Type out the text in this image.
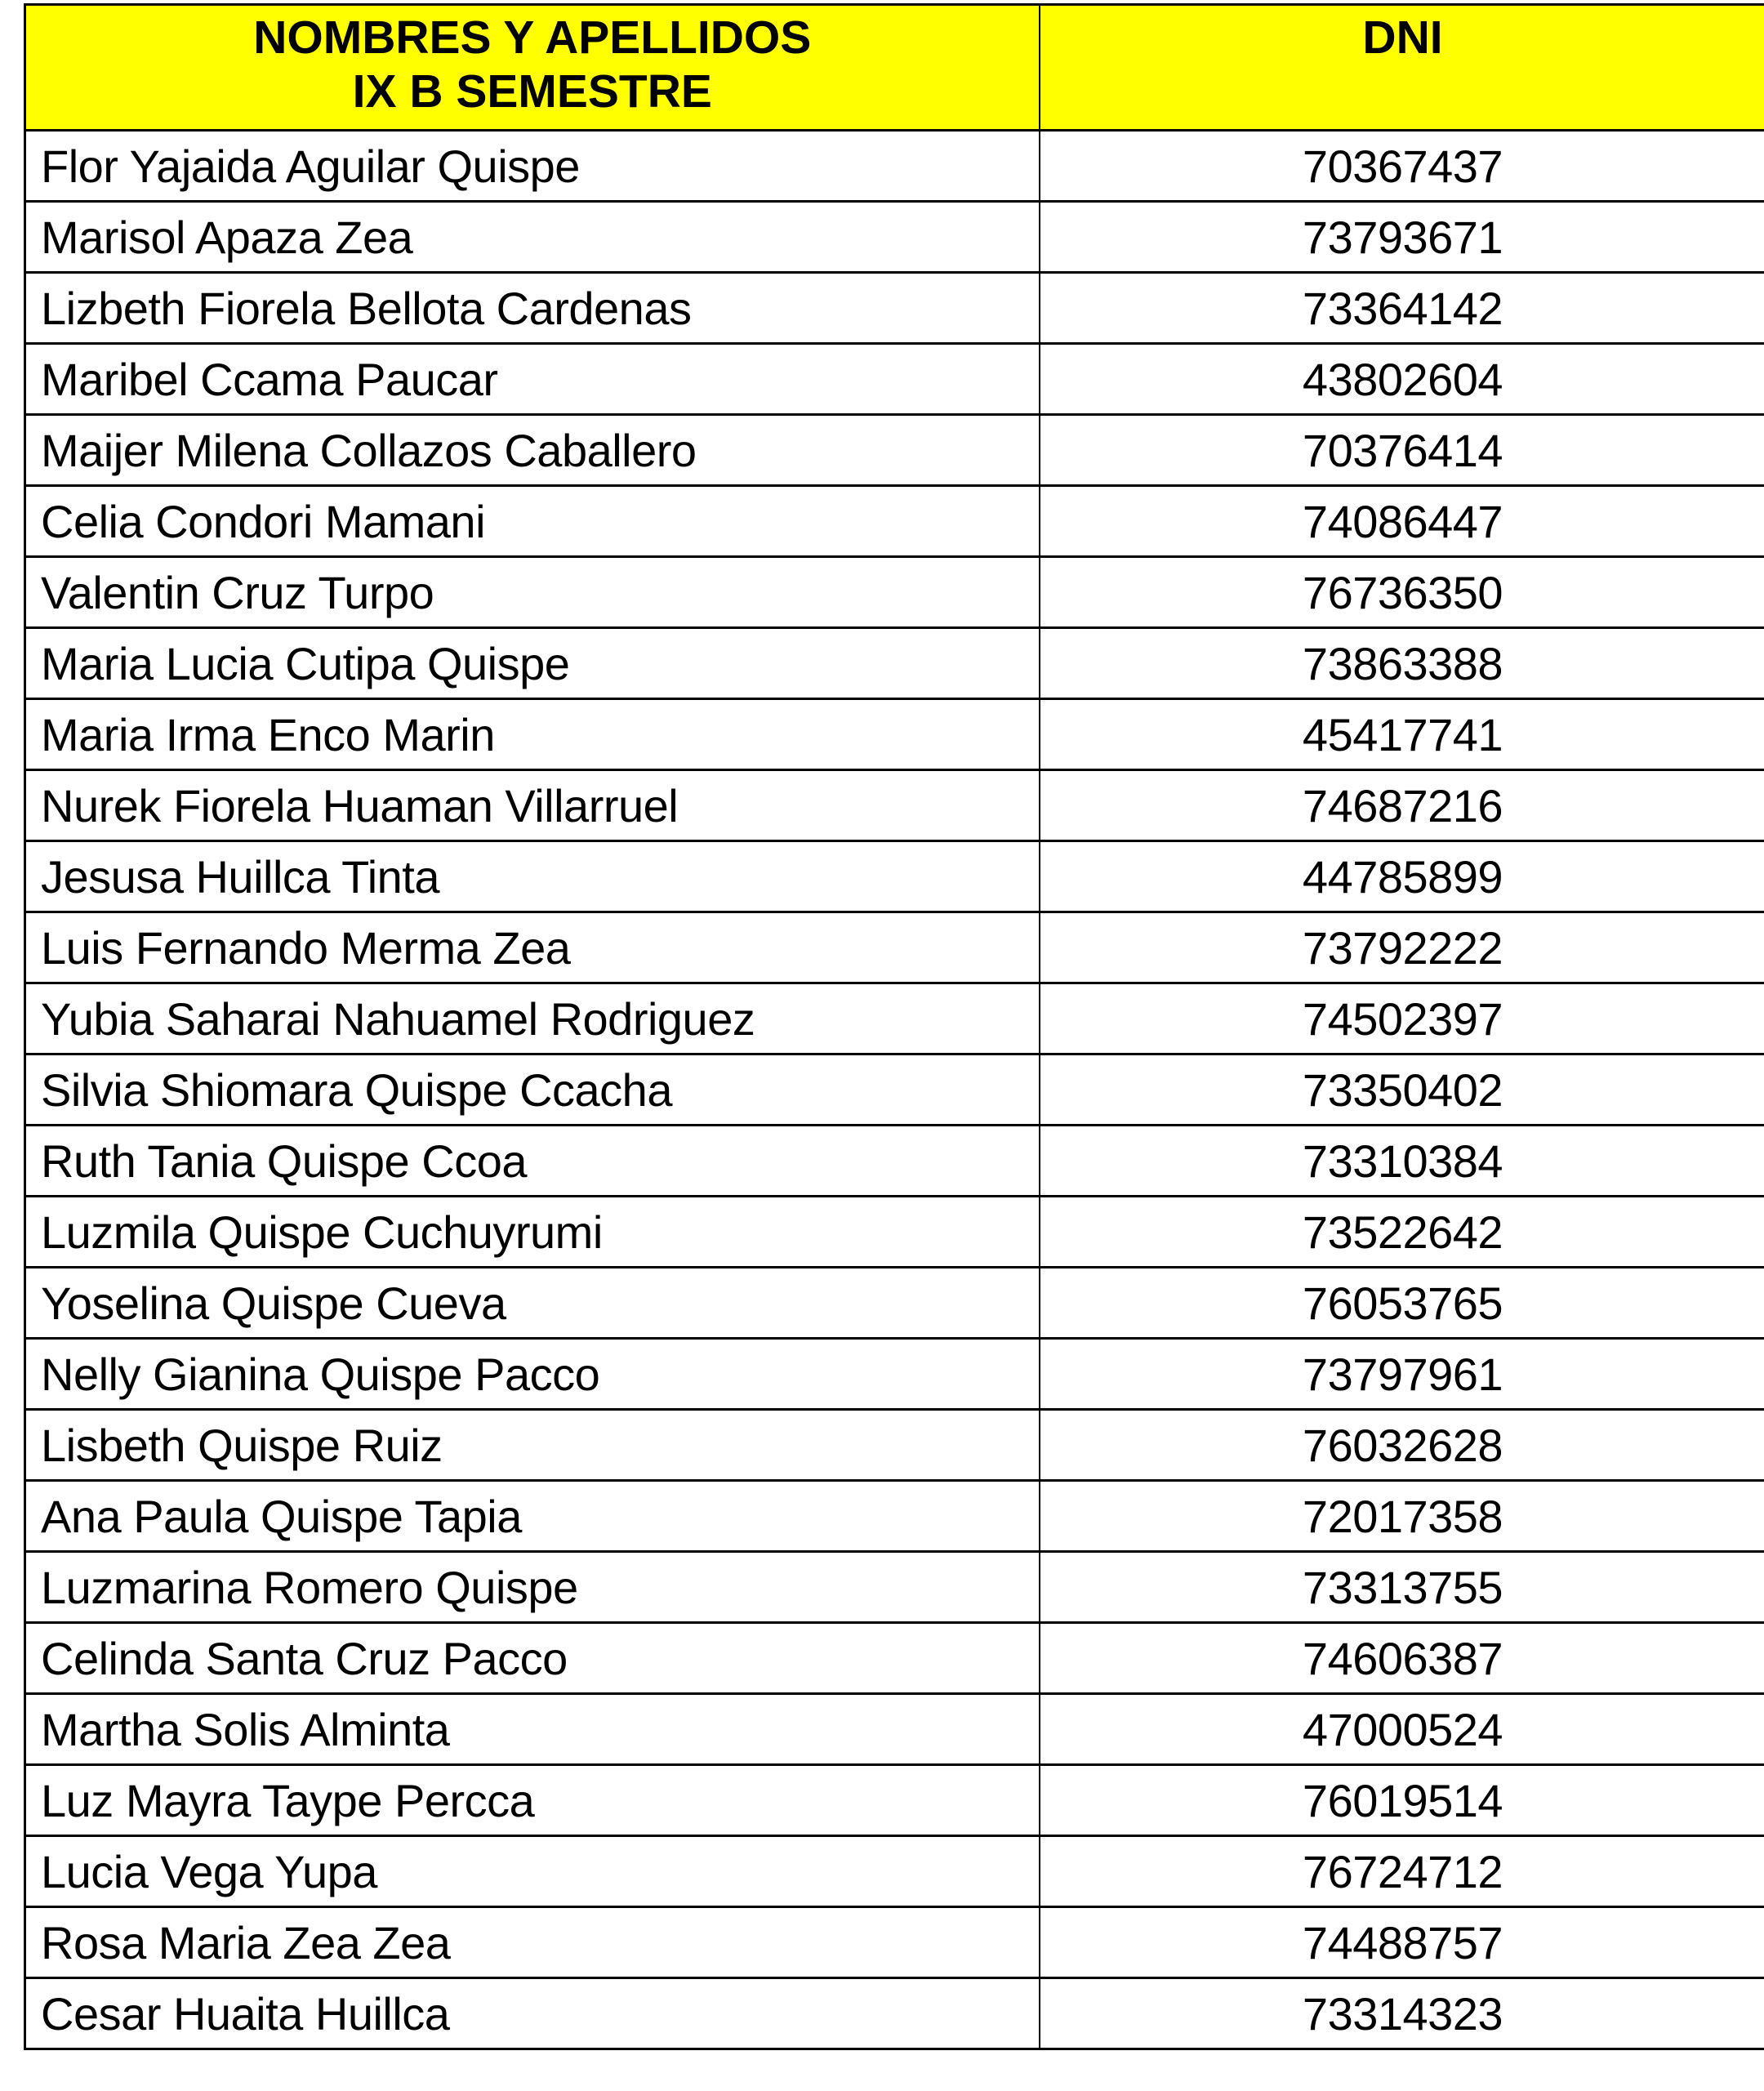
NOMBRES Y APELLIDOS
IX B SEMESTRE	DNI

Flor Yajaida Aguilar Quispe	70367437
Marisol Apaza Zea	73793671
Lizbeth Fiorela Bellota Cardenas	73364142
Maribel Ccama Paucar	43802604
Maijer Milena Collazos Caballero	70376414
Celia Condori Mamani	74086447
Valentin Cruz Turpo	76736350
Maria Lucia Cutipa Quispe	73863388
Maria Irma Enco Marin	45417741
Nurek Fiorela Huaman Villarruel	74687216
Jesusa Huillca Tinta	44785899
Luis Fernando Merma Zea	73792222
Yubia Saharai Nahuamel Rodriguez	74502397
Silvia Shiomara Quispe Ccacha	73350402
Ruth Tania Quispe Ccoa	73310384
Luzmila Quispe Cuchuyrumi	73522642
Yoselina Quispe Cueva	76053765
Nelly Gianina Quispe Pacco	73797961
Lisbeth Quispe Ruiz	76032628
Ana Paula Quispe Tapia	72017358
Luzmarina Romero Quispe	73313755
Celinda Santa Cruz Pacco	74606387
Martha Solis Alminta	47000524
Luz Mayra Taype Percca	76019514
Lucia Vega Yupa	76724712
Rosa Maria Zea Zea	74488757
Cesar Huaita Huillca	73314323
